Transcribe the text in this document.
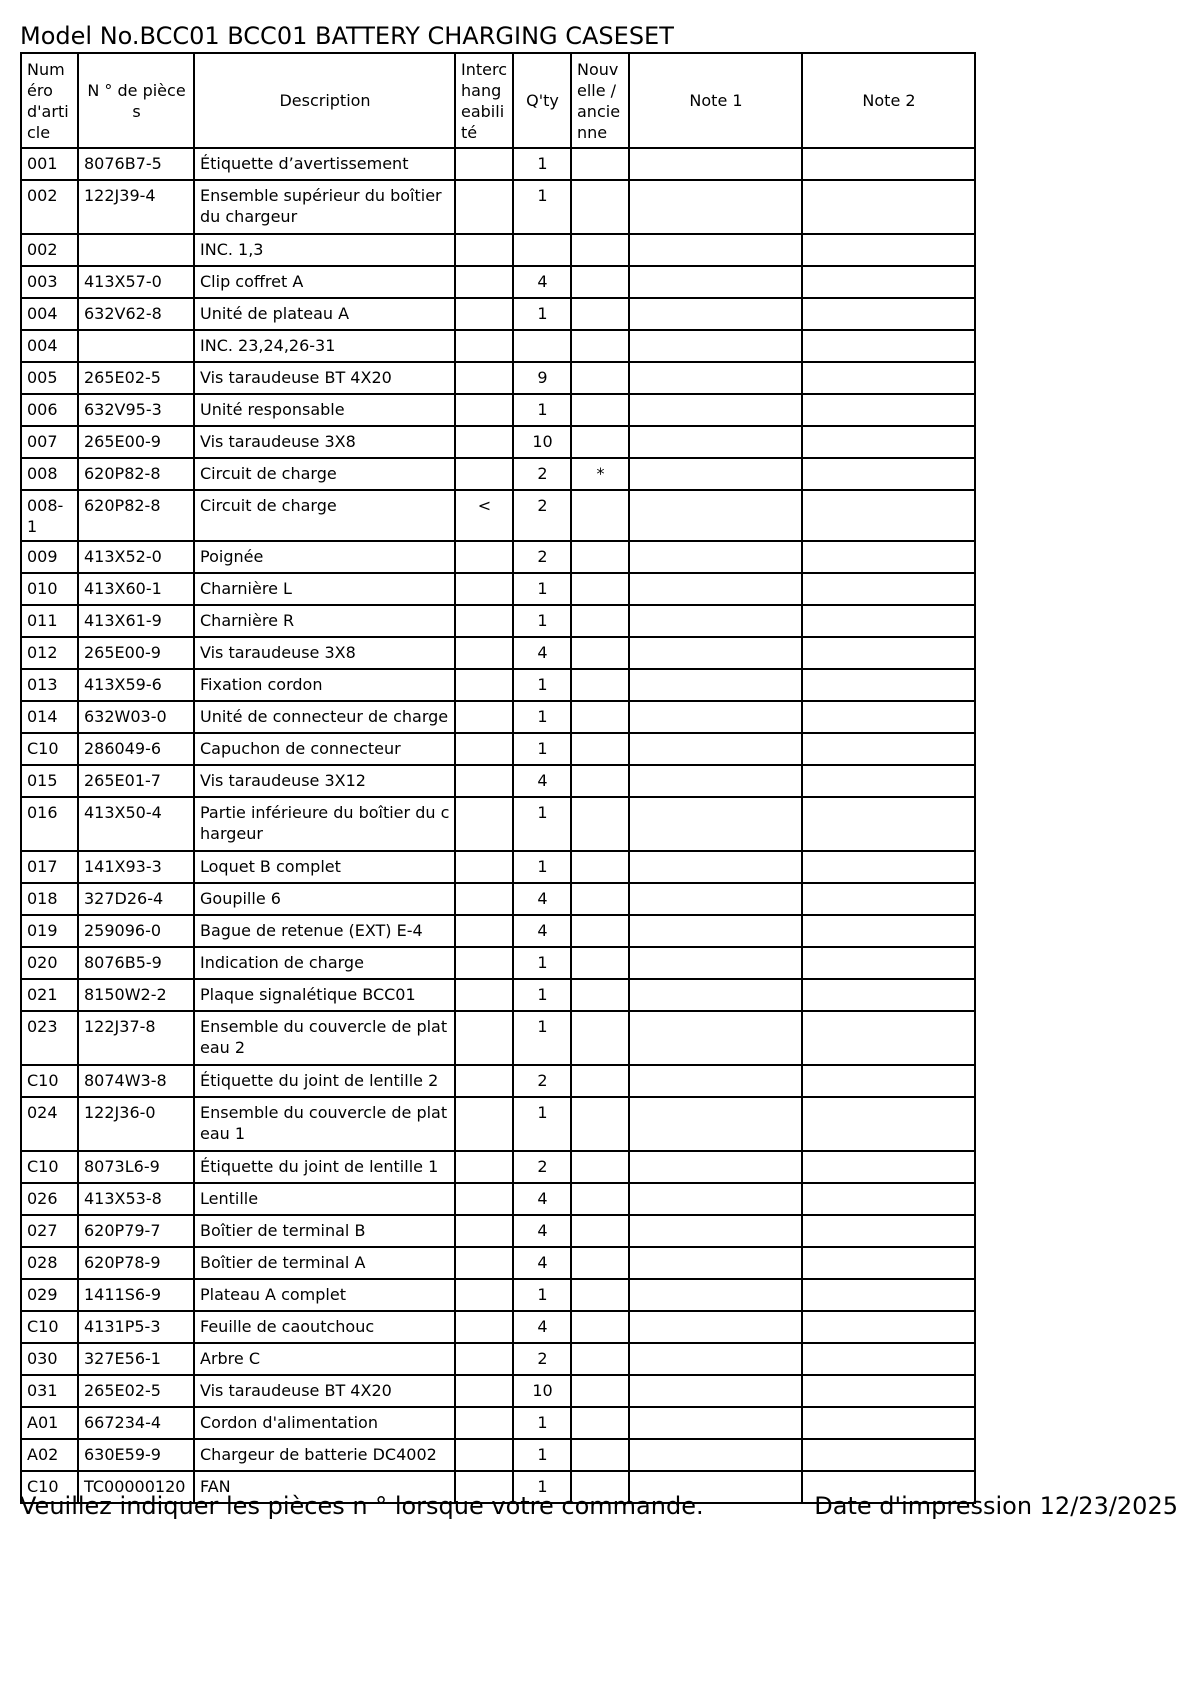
Model No.BCC01 BCC01 BATTERY CHARGING CASESET
Numéro d'article	N ° de pièces	Description	Interchangeabilité	Q'ty	Nouvelle / ancienne	Note 1	Note 2
001	8076B7-5	Étiquette d’avertissement		1			
002	122J39-4	Ensemble supérieur du boîtier du chargeur		1			
002		INC. 1,3					
003	413X57-0	Clip coffret A		4			
004	632V62-8	Unité de plateau A		1			
004		INC. 23,24,26-31					
005	265E02-5	Vis taraudeuse BT 4X20		9			
006	632V95-3	Unité responsable		1			
007	265E00-9	Vis taraudeuse 3X8		10			
008	620P82-8	Circuit de charge		2	*		
008-1	620P82-8	Circuit de charge	<	2			
009	413X52-0	Poignée		2			
010	413X60-1	Charnière L		1			
011	413X61-9	Charnière R		1			
012	265E00-9	Vis taraudeuse 3X8		4			
013	413X59-6	Fixation cordon		1			
014	632W03-0	Unité de connecteur de charge		1			
C10	286049-6	Capuchon de connecteur		1			
015	265E01-7	Vis taraudeuse 3X12		4			
016	413X50-4	Partie inférieure du boîtier du chargeur		1			
017	141X93-3	Loquet B complet		1			
018	327D26-4	Goupille 6		4			
019	259096-0	Bague de retenue (EXT) E-4		4			
020	8076B5-9	Indication de charge		1			
021	8150W2-2	Plaque signalétique BCC01		1			
023	122J37-8	Ensemble du couvercle de plateau 2		1			
C10	8074W3-8	Étiquette du joint de lentille 2		2			
024	122J36-0	Ensemble du couvercle de plateau 1		1			
C10	8073L6-9	Étiquette du joint de lentille 1		2			
026	413X53-8	Lentille		4			
027	620P79-7	Boîtier de terminal B		4			
028	620P78-9	Boîtier de terminal A		4			
029	1411S6-9	Plateau A complet		1			
C10	4131P5-3	Feuille de caoutchouc		4			
030	327E56-1	Arbre C		2			
031	265E02-5	Vis taraudeuse BT 4X20		10			
A01	667234-4	Cordon d'alimentation		1			
A02	630E59-9	Chargeur de batterie DC4002		1			
C10	TC00000120	FAN		1			
Veuillez indiquer les pièces n ° lorsque votre commande.	Date d'impression 12/23/2025
